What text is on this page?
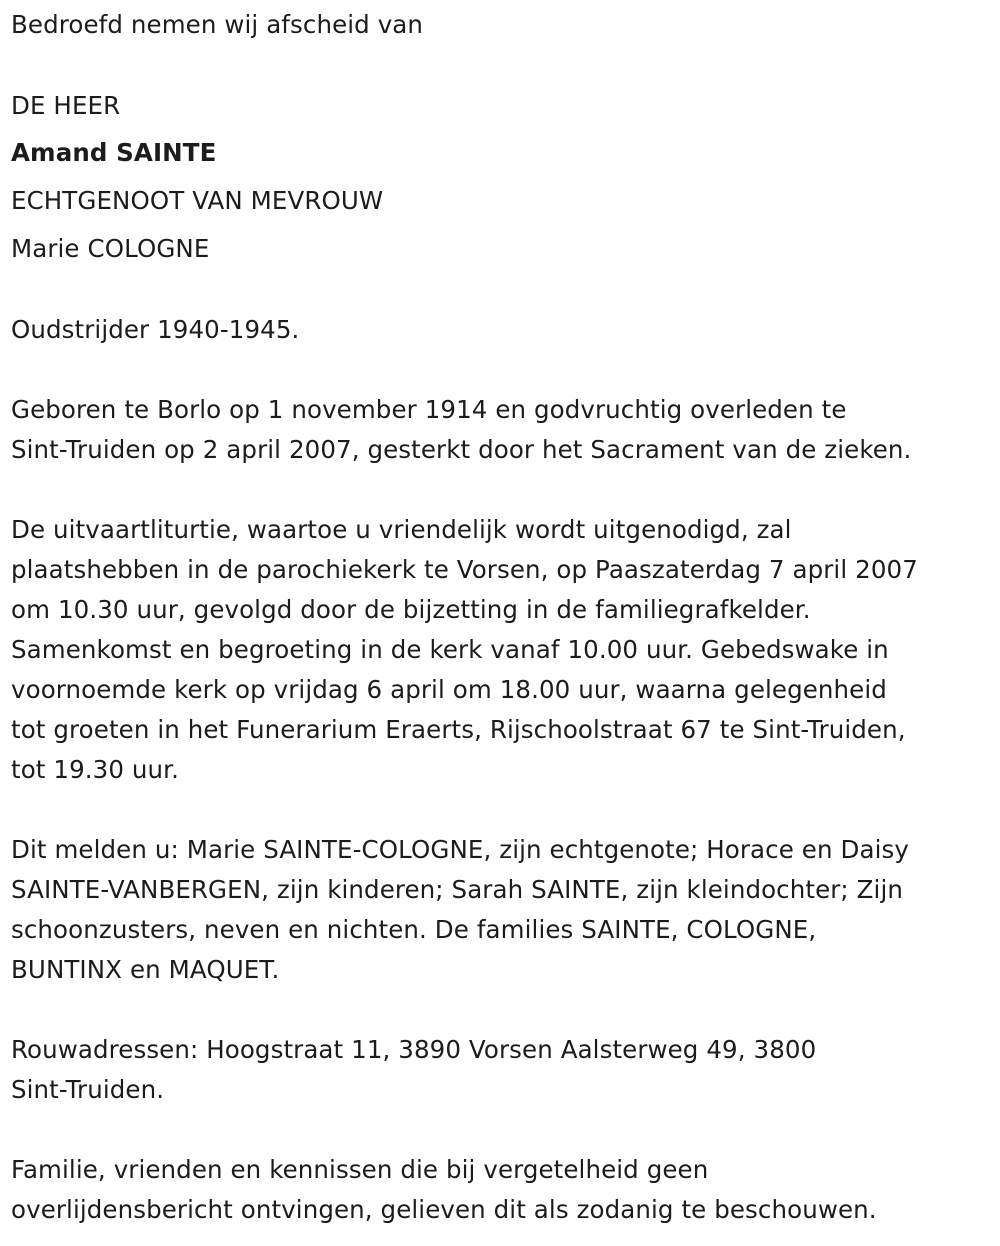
Bedroefd nemen wij afscheid van
DE HEER
Amand SAINTE
ECHTGENOOT VAN MEVROUW
Marie COLOGNE
Oudstrijder 1940-1945.
Geboren te Borlo op 1 november 1914 en godvruchtig overleden te
Sint-Truiden op 2 april 2007, gesterkt door het Sacrament van de zieken.
De uitvaartliturtie, waartoe u vriendelijk wordt uitgenodigd, zal
plaatshebben in de parochiekerk te Vorsen, op Paaszaterdag 7 april 2007
om 10.30 uur, gevolgd door de bijzetting in de familiegrafkelder.
Samenkomst en begroeting in de kerk vanaf 10.00 uur. Gebedswake in
voornoemde kerk op vrijdag 6 april om 18.00 uur, waarna gelegenheid
tot groeten in het Funerarium Eraerts, Rijschoolstraat 67 te Sint-Truiden,
tot 19.30 uur.
Dit melden u: Marie SAINTE-COLOGNE, zijn echtgenote; Horace en Daisy
SAINTE-VANBERGEN, zijn kinderen; Sarah SAINTE, zijn kleindochter; Zijn
schoonzusters, neven en nichten. De families SAINTE, COLOGNE,
BUNTINX en MAQUET.
Rouwadressen: Hoogstraat 11, 3890 Vorsen Aalsterweg 49, 3800
Sint-Truiden.
Familie, vrienden en kennissen die bij vergetelheid geen
overlijdensbericht ontvingen, gelieven dit als zodanig te beschouwen.
